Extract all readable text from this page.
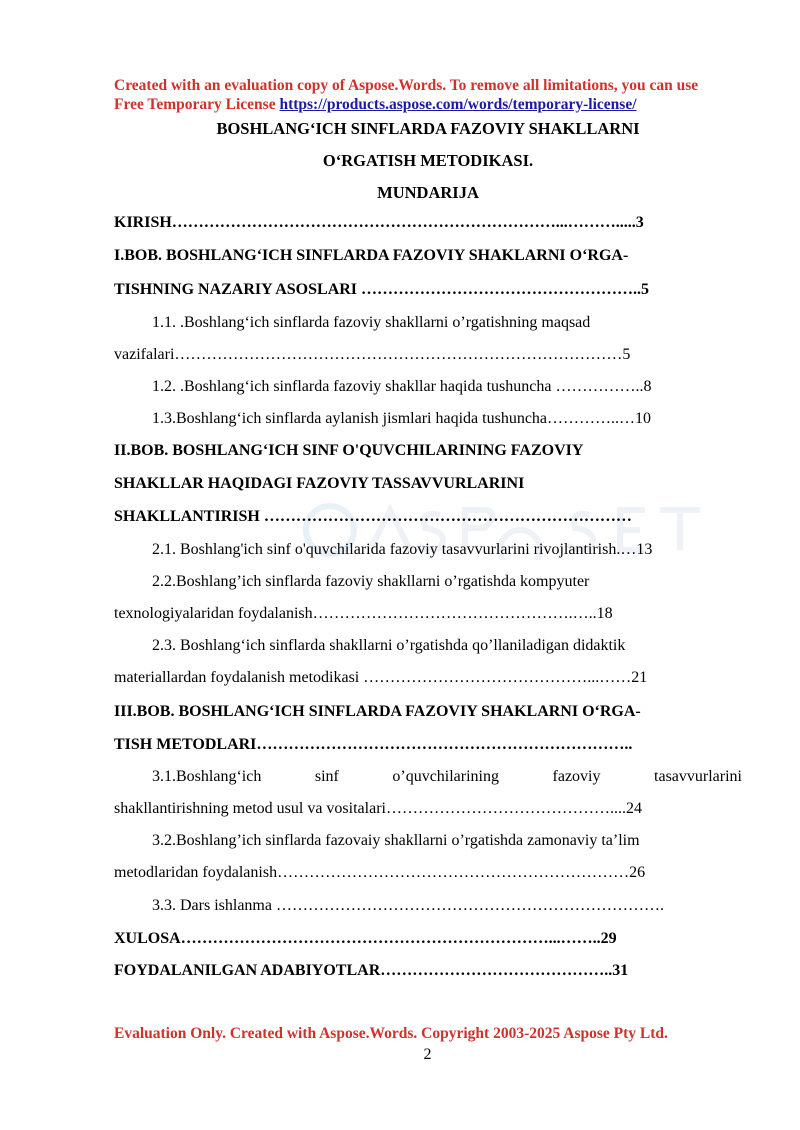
Created with an evaluation copy of Aspose.Words. To remove all limitations, you can use
Free Temporary License https://products.aspose.com/words/temporary-license/
BOSHLANG‘ICH SINFLARDA FAZOVIY SHAKLLARNI
O‘RGATISH METODIKASI.
MUNDARIJA
KIRISH………………………………………………………………...……….....3
I.BOB. BOSHLANG‘ICH SINFLARDA FAZOVIY SHAKLARNI O‘RGA-
TISHNING NAZARIY ASOSLARI ……………………………………………..5
1.1. .Boshlang‘ich sinflarda fazoviy shakllarni o’rgatishning maqsad
vazifalari…………………………………………………………………………5
1.2. .Boshlang‘ich sinflarda fazoviy shakllar haqida tushuncha ……………..8
1.3.Boshlang‘ich sinflarda aylanish jismlari haqida tushuncha…………..…10
II.BOB. BOSHLANG‘ICH SINF O'QUVCHILARINING FAZOVIY
SHAKLLAR HAQIDAGI FAZOVIY TASSAVVURLARINI
SHAKLLANTIRISH ……………………………………………………………
2.1. Boshlang'ich sinf o'quvchilarida fazoviy tasavvurlarini rivojlantirish.…13
2.2.Boshlang’ich sinflarda fazoviy shakllarni o’rgatishda kompyuter
texnologiyalaridan foydalanish………………………………………….…..18
2.3. Boshlang‘ich sinflarda shakllarni o’rgatishda qo’llaniladigan didaktik
materiallardan foydalanish metodikasi ……………………………………...……21
III.BOB. BOSHLANG‘ICH SINFLARDA FAZOVIY SHAKLARNI O‘RGA-
TISH METODLARI……………………………………………………………..
3.1.Boshlang‘ich	sinf	o’quvchilarining	fazoviy	tasavvurlarini
shakllantirishning metod usul va vositalari……………………………………....24
3.2.Boshlang’ich sinflarda fazovaiy shakllarni o’rgatishda zamonaviy ta’lim
metodlaridan foydalanish…………………………………………………………26
3.3. Dars ishlanma ……………………………………………………………….
XULOSA……………………………………………………………...……..29
FOYDALANILGAN ADABIYOTLAR……………………………………..31
Evaluation Only. Created with Aspose.Words. Copyright 2003-2025 Aspose Pty Ltd.
2
